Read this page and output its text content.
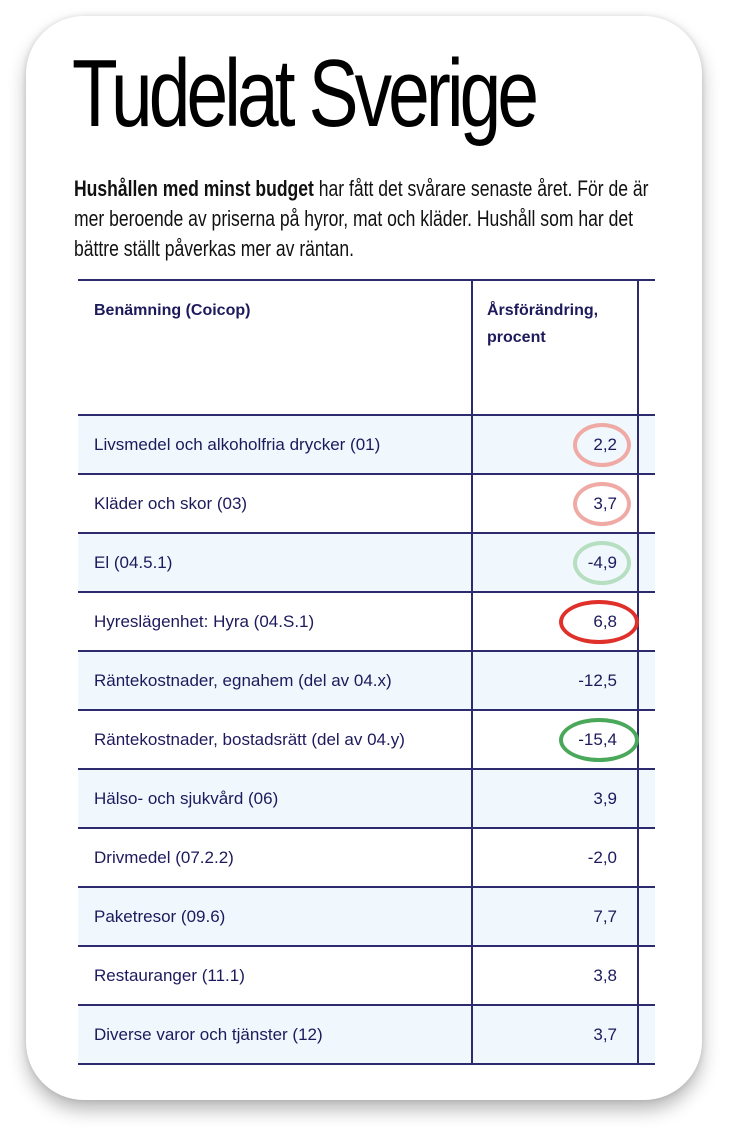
Tudelat Sverige

Hushållen med minst budget har fått det svårare senaste året. För de är mer beroende av priserna på hyror, mat och kläder. Hushåll som har det bättre ställt påverkas mer av räntan.

Benämning (Coicop)	Årsförändring, procent	
Livsmedel och alkoholfria drycker (01)	2,2

Kläder och skor (03)	3,7

El (04.5.1)	-4,9

Hyreslägenhet: Hyra (04.S.1)	6,8

Räntekostnader, egnahem (del av 04.x)	-12,5	
Räntekostnader, bostadsrätt (del av 04.y)	-15,4

Hälso- och sjukvård (06)	3,9	
Drivmedel (07.2.2)	-2,0	
Paketresor (09.6)	7,7	
Restauranger (11.1)	3,8	
Diverse varor och tjänster (12)	3,7	
